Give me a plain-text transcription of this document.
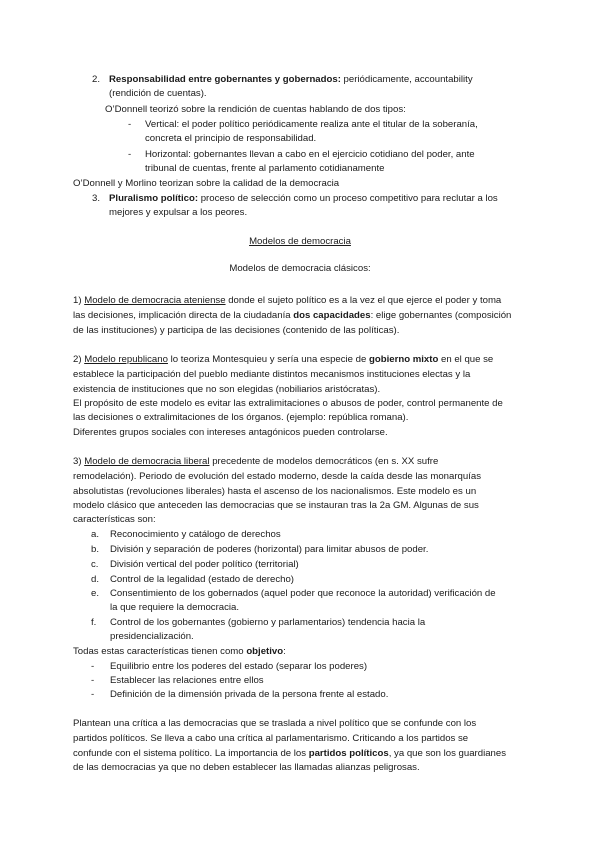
2. Responsabilidad entre gobernantes y gobernados: periódicamente, accountability
(rendición de cuentas).
O’Donnell teorizó sobre la rendición de cuentas hablando de dos tipos:
- Vertical: el poder político periódicamente realiza ante el titular de la soberanía,
concreta el principio de responsabilidad.
- Horizontal: gobernantes llevan a cabo en el ejercicio cotidiano del poder, ante
tribunal de cuentas, frente al parlamento cotidianamente
O’Donnell y Morlino teorizan sobre la calidad de la democracia
3. Pluralismo político: proceso de selección como un proceso competitivo para reclutar a los
mejores y expulsar a los peores.
Modelos de democracia
Modelos de democracia clásicos:
1) Modelo de democracia ateniense donde el sujeto político es a la vez el que ejerce el poder y toma
las decisiones, implicación directa de la ciudadanía dos capacidades: elige gobernantes (composición
de las instituciones) y participa de las decisiones (contenido de las políticas).
2) Modelo republicano lo teoriza Montesquieu y sería una especie de gobierno mixto en el que se
establece la participación del pueblo mediante distintos mecanismos instituciones electas y la
existencia de instituciones que no son elegidas (nobiliarios aristócratas).
El propósito de este modelo es evitar las extralimitaciones o abusos de poder, control permanente de
las decisiones o extralimitaciones de los órganos. (ejemplo: república romana).
Diferentes grupos sociales con intereses antagónicos pueden controlarse.
3) Modelo de democracia liberal precedente de modelos democráticos (en s. XX sufre
remodelación). Periodo de evolución del estado moderno, desde la caída desde las monarquías
absolutistas (revoluciones liberales) hasta el ascenso de los nacionalismos. Este modelo es un
modelo clásico que anteceden las democracias que se instauran tras la 2a GM. Algunas de sus
características son:
a. Reconocimiento y catálogo de derechos
b. División y separación de poderes (horizontal) para limitar abusos de poder.
c. División vertical del poder político (territorial)
d. Control de la legalidad (estado de derecho)
e. Consentimiento de los gobernados (aquel poder que reconoce la autoridad) verificación de
la que requiere la democracia.
f. Control de los gobernantes (gobierno y parlamentarios) tendencia hacia la
presidencialización.
Todas estas características tienen como objetivo:
- Equilibrio entre los poderes del estado (separar los poderes)
- Establecer las relaciones entre ellos
- Definición de la dimensión privada de la persona frente al estado.
Plantean una crítica a las democracias que se traslada a nivel político que se confunde con los
partidos políticos. Se lleva a cabo una crítica al parlamentarismo. Criticando a los partidos se
confunde con el sistema político. La importancia de los partidos políticos, ya que son los guardianes
de las democracias ya que no deben establecer las llamadas alianzas peligrosas.
